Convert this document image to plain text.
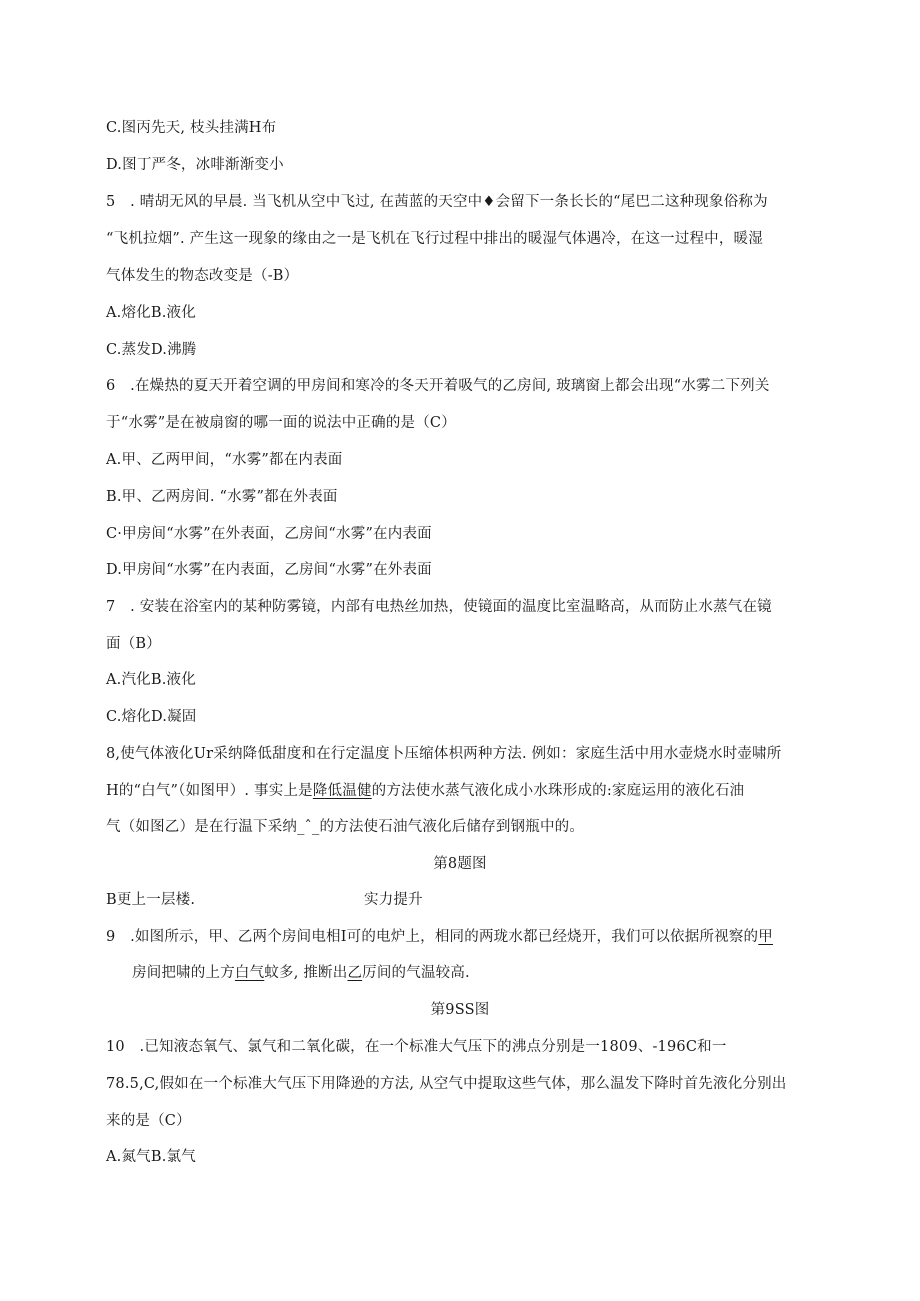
C.图丙先天, 枝头挂满H布
D.图丁严冬，冰啡渐渐变小
5　. 晴胡无风的早晨. 当飞机从空中飞过, 在茜蓝的天空中♦会留下一条长长的“尾巴二这种现象俗称为
“飞机拉烟”. 产生这一现象的缘由之一是飞机在飞行过程中排出的暖湿气体遇冷，在这一过程中，暖湿
气体发生的物态改变是（-B）
A.熔化B.液化
C.蒸发D.沸腾
6　.在燥热的夏天开着空调的甲房间和寒冷的冬天开着吸气的乙房间, 玻璃窗上都会出现“水雾二下列关
于“水雾”是在被扇窗的哪一面的说法中正确的是（C）
A.甲、乙两甲间，“水雾”都在内表面
B.甲、乙两房间. “水雾”都在外表面
C·甲房间“水雾”在外表面，乙房间“水雾”在内表面
D.甲房间“水雾”在内表面，乙房间“水雾”在外表面
7　. 安装在浴室内的某种防雾镜，内部有电热丝加热，使镜面的温度比室温略高，从而防止水蒸气在镜
面（B）
A.汽化B.液化
C.熔化D.凝固
8,使气体液化Ur采纳降低甜度和在行定温度卜压缩体枳两种方法. 例如：家庭生活中用水壶烧水时壶啸所
H的“白气”（如图甲）. 事实上是降低温健的方法使水蒸气液化成小水珠形成的:家庭运用的液化石油
气（如图乙）是在行温下采纳_ˆ_的方法使石油气液化后储存到钢瓶中的。
第8题图
B更上一层楼.	实力提升
9　.如图所示，甲、乙两个房间电相I可的电炉上，相同的两珑水都已经烧开，我们可以依据所视察的甲
房间把啸的上方白气蚊多, 推断出乙厉间的气温较高.
第9SS图
10　.已知液态氧气、氯气和二氧化碳，在一个标准大气压下的沸点分别是一1809、-196C和一
78.5,C,假如在一个标准大气压下用降逊的方法, 从空气中提取这些气体，那么温发下降时首先液化分别出
来的是（C）
A.氮气B.氯气
